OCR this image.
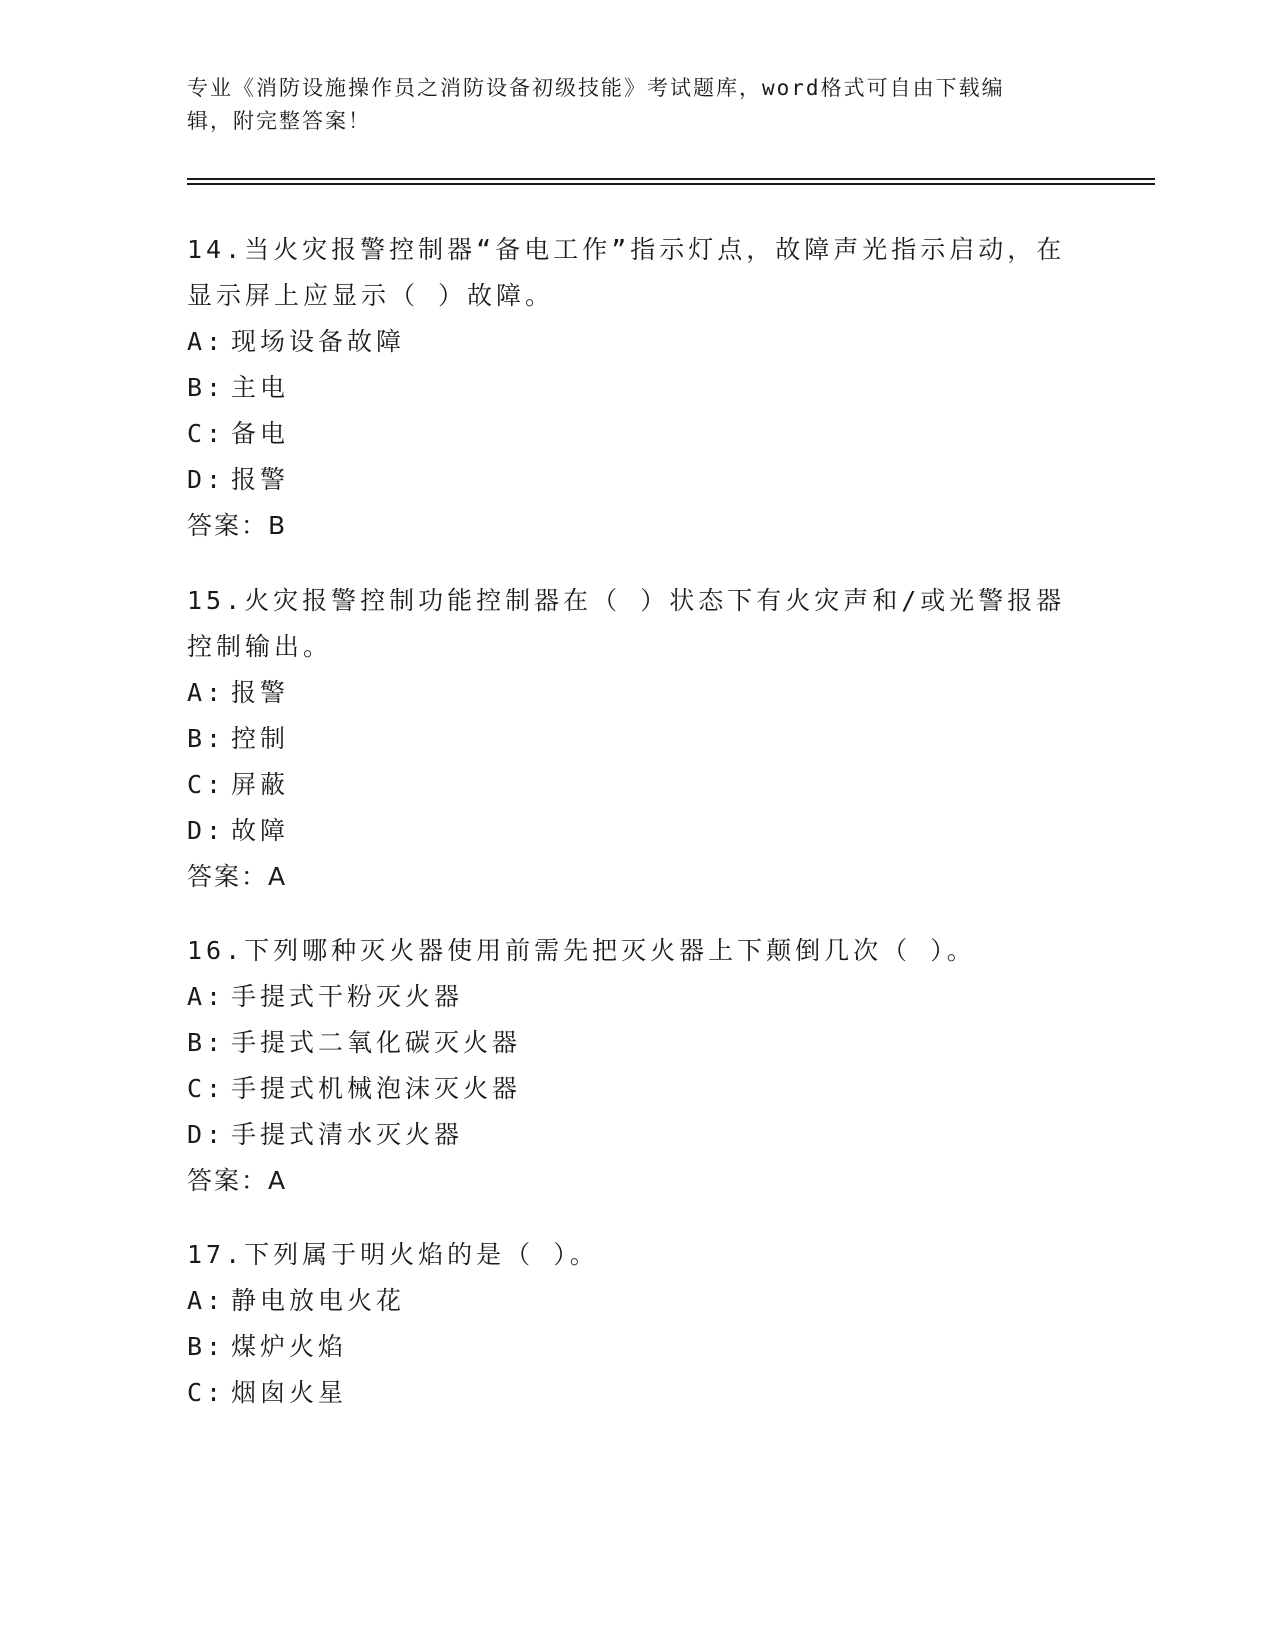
专业《消防设施操作员之消防设备初级技能》考试题库，word格式可自由下载编
辑，附完整答案！

14.当火灾报警控制器“备电工作”指示灯点，故障声光指示启动，在

显示屏上应显示（ ）故障。

A: 现场设备故障

B: 主电

C: 备电

D: 报警

答案：B

15.火灾报警控制功能控制器在（ ）状态下有火灾声和/或光警报器

控制输出。

A: 报警

B: 控制

C: 屏蔽

D: 故障

答案：A

16.下列哪种灭火器使用前需先把灭火器上下颠倒几次（ ）。

A: 手提式干粉灭火器

B: 手提式二氧化碳灭火器

C: 手提式机械泡沫灭火器

D: 手提式清水灭火器

答案：A

17.下列属于明火焰的是（ ）。

A: 静电放电火花

B: 煤炉火焰

C: 烟囱火星
